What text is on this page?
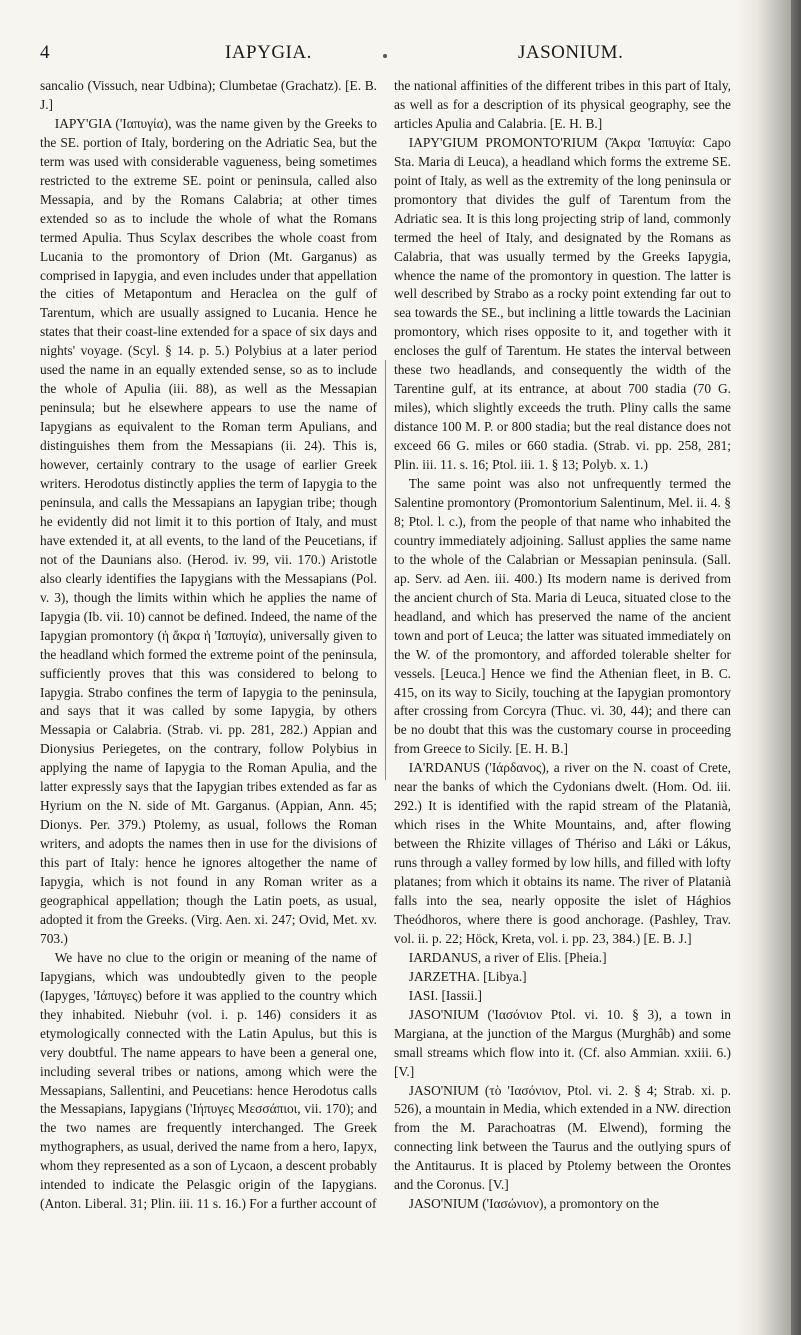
4	IAPYGIA.	JASONIUM.

sancalio (Vissuch, near Udbina); Clumbetae (Grachatz). [E. B. J.]

IAPY'GIA ('Ιαπυγία), was the name given by the Greeks to the SE. portion of Italy, bordering on the Adriatic Sea, but the term was used with considerable vagueness, being sometimes restricted to the extreme SE. point or peninsula, called also Messapia, and by the Romans Calabria; at other times extended so as to include the whole of what the Romans termed Apulia. Thus Scylax describes the whole coast from Lucania to the promontory of Drion (Mt. Garganus) as comprised in Iapygia, and even includes under that appellation the cities of Metapontum and Heraclea on the gulf of Tarentum, which are usually assigned to Lucania. Hence he states that their coast-line extended for a space of six days and nights' voyage. (Scyl. § 14. p. 5.) Polybius at a later period used the name in an equally extended sense, so as to include the whole of Apulia (iii. 88), as well as the Messapian peninsula; but he elsewhere appears to use the name of Iapygians as equivalent to the Roman term Apulians, and distinguishes them from the Messapians (ii. 24). This is, however, certainly contrary to the usage of earlier Greek writers. Herodotus distinctly applies the term of Iapygia to the peninsula, and calls the Messapians an Iapygian tribe; though he evidently did not limit it to this portion of Italy, and must have extended it, at all events, to the land of the Peucetians, if not of the Daunians also. (Herod. iv. 99, vii. 170.) Aristotle also clearly identifies the Iapygians with the Messapians (Pol. v. 3), though the limits within which he applies the name of Iapygia (Ib. vii. 10) cannot be defined. Indeed, the name of the Iapygian promontory (ἡ ἄκρα ἡ 'Ιαπυγία), universally given to the headland which formed the extreme point of the peninsula, sufficiently proves that this was considered to belong to Iapygia. Strabo confines the term of Iapygia to the peninsula, and says that it was called by some Iapygia, by others Messapia or Calabria. (Strab. vi. pp. 281, 282.) Appian and Dionysius Periegetes, on the contrary, follow Polybius in applying the name of Iapygia to the Roman Apulia, and the latter expressly says that the Iapygian tribes extended as far as Hyrium on the N. side of Mt. Garganus. (Appian, Ann. 45; Dionys. Per. 379.) Ptolemy, as usual, follows the Roman writers, and adopts the names then in use for the divisions of this part of Italy: hence he ignores altogether the name of Iapygia, which is not found in any Roman writer as a geographical appellation; though the Latin poets, as usual, adopted it from the Greeks. (Virg. Aen. xi. 247; Ovid, Met. xv. 703.)

We have no clue to the origin or meaning of the name of Iapygians, which was undoubtedly given to the people (Iapyges, 'Ιάπυγες) before it was applied to the country which they inhabited. Niebuhr (vol. i. p. 146) considers it as etymologically connected with the Latin Apulus, but this is very doubtful. The name appears to have been a general one, including several tribes or nations, among which were the Messapians, Sallentini, and Peucetians: hence Herodotus calls the Messapians, Iapygians ('Ιήπυγες Μεσσάπιοι, vii. 170); and the two names are frequently interchanged. The Greek mythographers, as usual, derived the name from a hero, Iapyx, whom they represented as a son of Lycaon, a descent probably intended to indicate the Pelasgic origin of the Iapygians. (Anton. Liberal. 31; Plin. iii. 11 s. 16.) For a further account of

the national affinities of the different tribes in this part of Italy, as well as for a description of its physical geography, see the articles Apulia and Calabria. [E. H. B.]

IAPY'GIUM PROMONTO'RIUM (Ἄκρα 'Ιαπυγία: Capo Sta. Maria di Leuca), a headland which forms the extreme SE. point of Italy, as well as the extremity of the long peninsula or promontory that divides the gulf of Tarentum from the Adriatic sea. It is this long projecting strip of land, commonly termed the heel of Italy, and designated by the Romans as Calabria, that was usually termed by the Greeks Iapygia, whence the name of the promontory in question. The latter is well described by Strabo as a rocky point extending far out to sea towards the SE., but inclining a little towards the Lacinian promontory, which rises opposite to it, and together with it encloses the gulf of Tarentum. He states the interval between these two headlands, and consequently the width of the Tarentine gulf, at its entrance, at about 700 stadia (70 G. miles), which slightly exceeds the truth. Pliny calls the same distance 100 M. P. or 800 stadia; but the real distance does not exceed 66 G. miles or 660 stadia. (Strab. vi. pp. 258, 281; Plin. iii. 11. s. 16; Ptol. iii. 1. § 13; Polyb. x. 1.)

The same point was also not unfrequently termed the Salentine promontory (Promontorium Salentinum, Mel. ii. 4. § 8; Ptol. l. c.), from the people of that name who inhabited the country immediately adjoining. Sallust applies the same name to the whole of the Calabrian or Messapian peninsula. (Sall. ap. Serv. ad Aen. iii. 400.) Its modern name is derived from the ancient church of Sta. Maria di Leuca, situated close to the headland, and which has preserved the name of the ancient town and port of Leuca; the latter was situated immediately on the W. of the promontory, and afforded tolerable shelter for vessels. [Leuca.] Hence we find the Athenian fleet, in B. C. 415, on its way to Sicily, touching at the Iapygian promontory after crossing from Corcyra (Thuc. vi. 30, 44); and there can be no doubt that this was the customary course in proceeding from Greece to Sicily. [E. H. B.]

IA'RDANUS ('Ιάρδανος), a river on the N. coast of Crete, near the banks of which the Cydonians dwelt. (Hom. Od. iii. 292.) It is identified with the rapid stream of the Platanià, which rises in the White Mountains, and, after flowing between the Rhizite villages of Thériso and Láki or Lákus, runs through a valley formed by low hills, and filled with lofty platanes; from which it obtains its name. The river of Platanià falls into the sea, nearly opposite the islet of Hághios Theódhoros, where there is good anchorage. (Pashley, Trav. vol. ii. p. 22; Höck, Kreta, vol. i. pp. 23, 384.) [E. B. J.]

IARDANUS, a river of Elis. [Pheia.]

JARZETHA. [Libya.]

IASI. [Iassii.]

JASO'NIUM ('Ιασόνιον Ptol. vi. 10. § 3), a town in Margiana, at the junction of the Margus (Murghâb) and some small streams which flow into it. (Cf. also Ammian. xxiii. 6.) [V.]

JASO'NIUM (τὸ 'Ιασόνιον, Ptol. vi. 2. § 4; Strab. xi. p. 526), a mountain in Media, which extended in a NW. direction from the M. Parachoatras (M. Elwend), forming the connecting link between the Taurus and the outlying spurs of the Antitaurus. It is placed by Ptolemy between the Orontes and the Coronus. [V.]

JASO'NIUM ('Ιασώνιον), a promontory on the
